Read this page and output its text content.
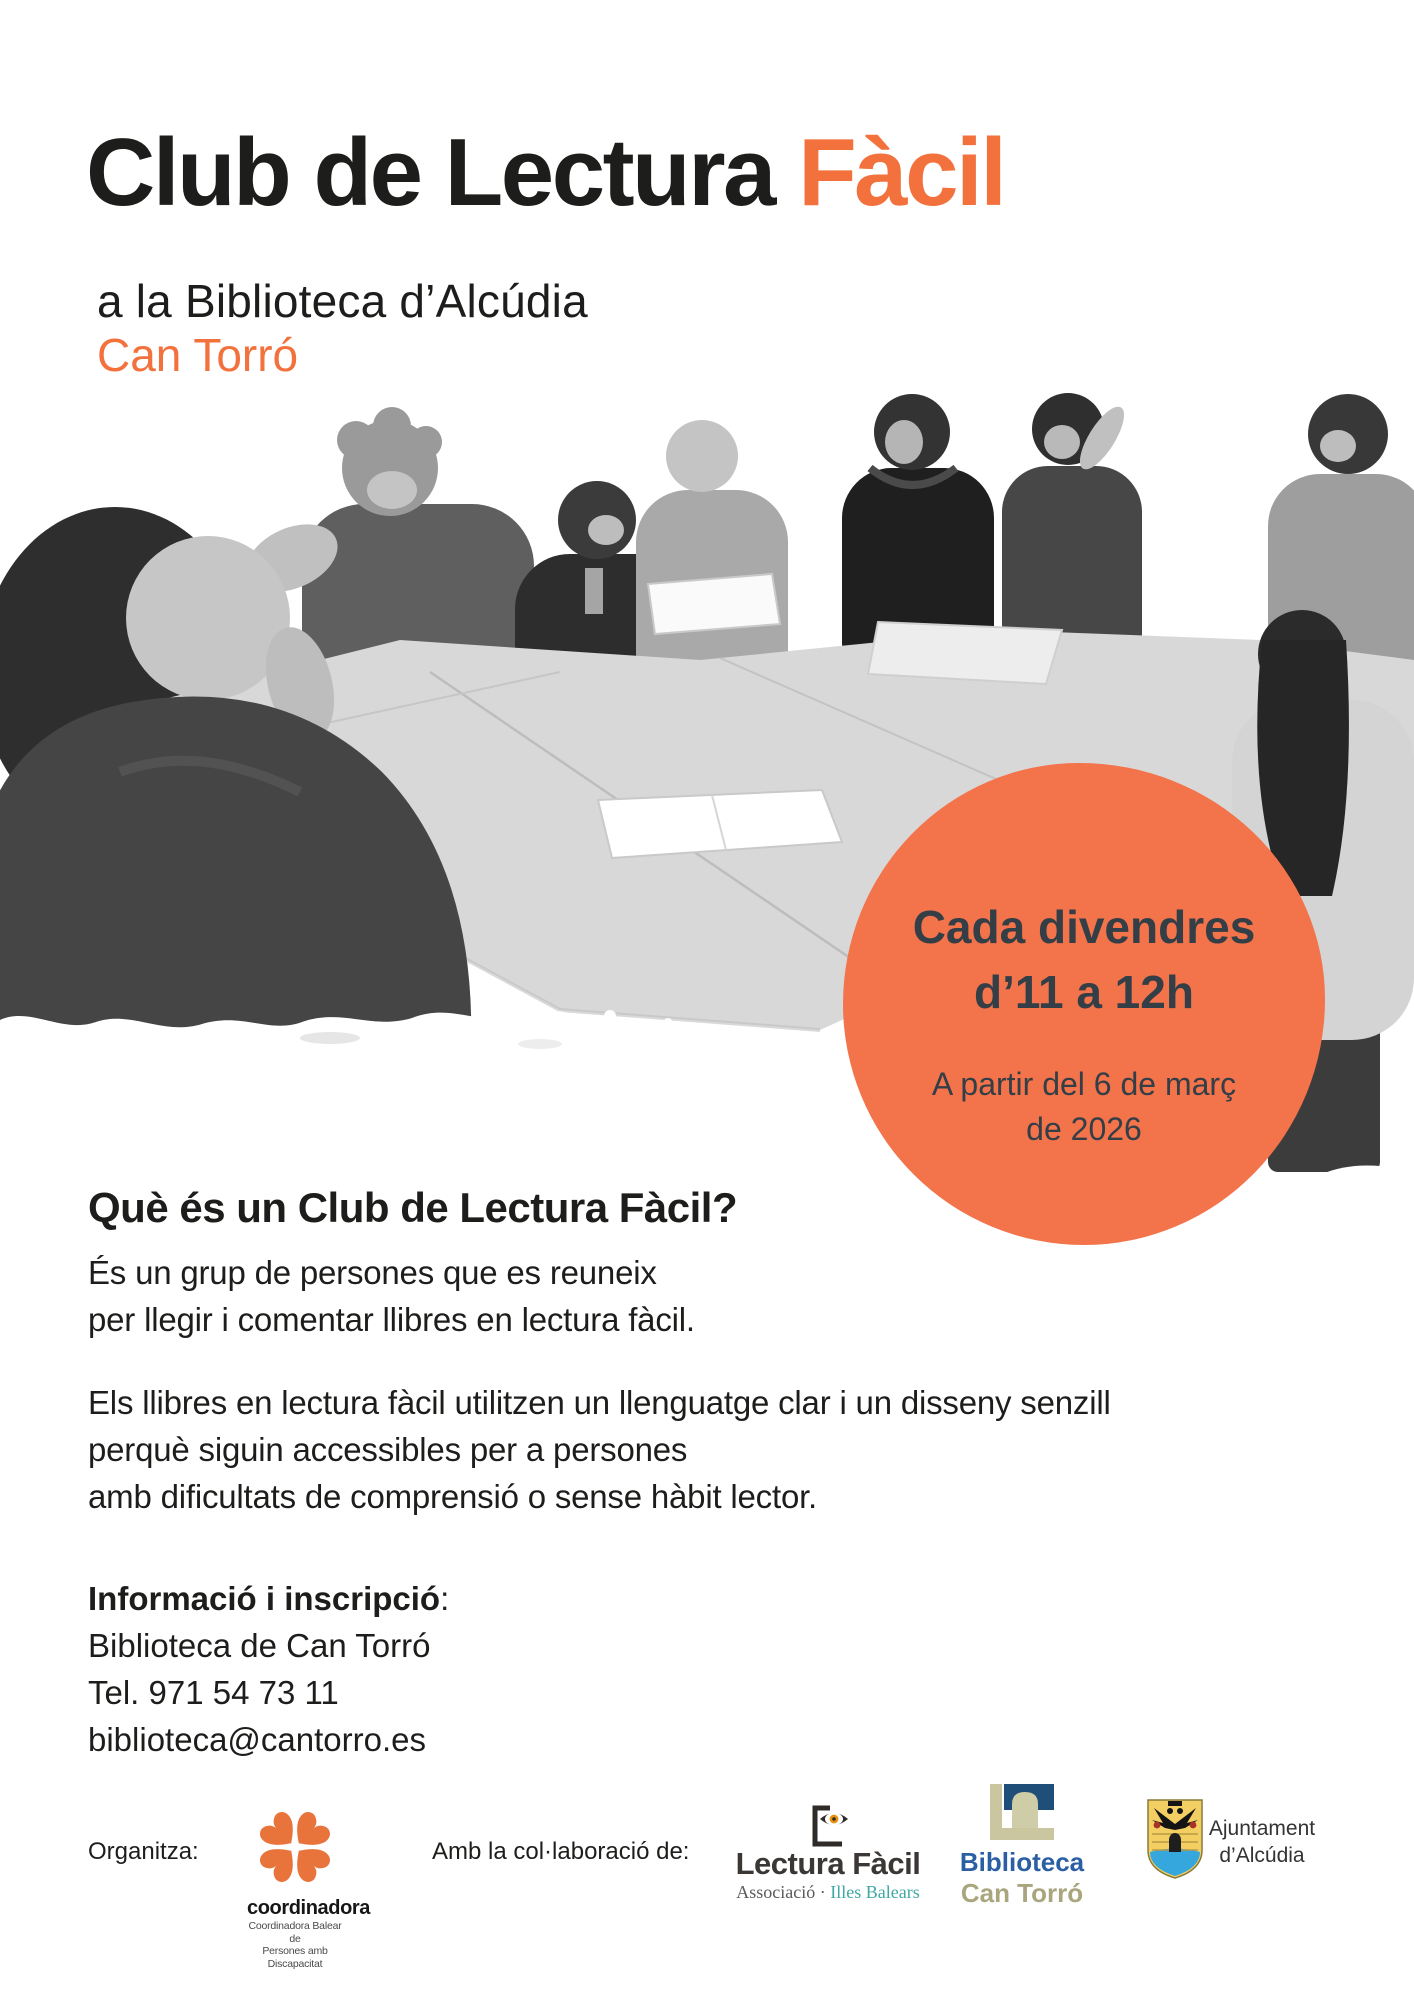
Club de Lectura Fàcil
a la Biblioteca d’Alcúdia
Can Torró
Cada divendres
d’11 a 12h
A partir del 6 de març
de 2026
Què és un Club de Lectura Fàcil?
És un grup de persones que es reuneix
per llegir i comentar llibres en lectura fàcil.
Els llibres en lectura fàcil utilitzen un llenguatge clar i un disseny senzill
perquè siguin accessibles per a persones
amb dificultats de comprensió o sense hàbit lector.
Informació i inscripció:
Biblioteca de Can Torró
Tel. 971 54 73 11
biblioteca@cantorro.es
Organitza:
coordinadora
Coordinadora Balear de
Persones amb Discapacitat
Amb la col·laboració de:	Lectura Fàcil
Associació · Illes Balears
Biblioteca
Can Torró
Ajuntament
d’Alcúdia
